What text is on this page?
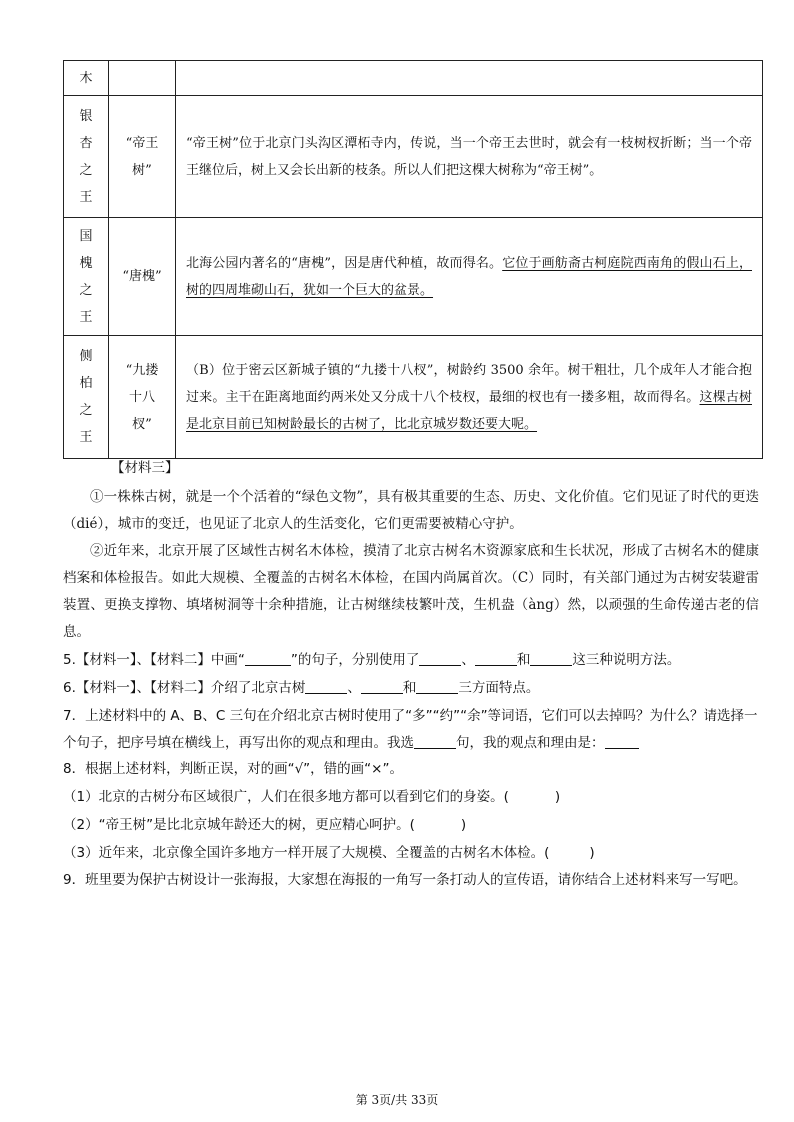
木		

银杏之王	“帝王树”	“帝王树”位于北京门头沟区潭柘寺内，传说，当一个帝王去世时，就会有一枝树杈折断；当一个帝王继位后，树上又会长出新的枝条。所以人们把这棵大树称为“帝王树”。

国槐之王	“唐槐”	北海公园内著名的“唐槐”，因是唐代种植，故而得名。它位于画舫斋古柯庭院西南角的假山石上，树的四周堆砌山石，犹如一个巨大的盆景。

侧柏之王	“九搂十八杈”	（B）位于密云区新城子镇的“九搂十八杈”，树龄约 3500 余年。树干粗壮，几个成年人才能合抱过来。主干在距离地面约两米处又分成十八个枝杈，最细的杈也有一搂多粗，故而得名。这棵古树是北京目前已知树龄最长的古树了，比北京城岁数还要大呢。
【材料三】
①一株株古树，就是一个个活着的“绿色文物”，具有极其重要的生态、历史、文化价值。它们见证了时代的更迭（dié），城市的变迁，也见证了北京人的生活变化，它们更需要被精心守护。
②近年来，北京开展了区域性古树名木体检，摸清了北京古树名木资源家底和生长状况，形成了古树名木的健康档案和体检报告。如此大规模、全覆盖的古树名木体检，在国内尚属首次。（C）同时，有关部门通过为古树安装避雷装置、更换支撑物、填堵树洞等十余种措施，让古树继续枝繁叶茂，生机盎（àng）然，以顽强的生命传递古老的信息。
5.【材料一】、【材料二】中画“	”的句子，分别使用了	、	和	这三种说明方法。
6.【材料一】、【材料二】介绍了北京古树	、	和	三方面特点。
7．上述材料中的 A、B、C 三句在介绍北京古树时使用了“多”“约”“余”等词语，它们可以去掉吗？为什么？请选择一个句子，把序号填在横线上，再写出你的观点和理由。我选	句，我的观点和理由是：
8．根据上述材料，判断正误，对的画“√”，错的画“×”。
（1）北京的古树分布区域很广，人们在很多地方都可以看到它们的身姿。(	)
（2）“帝王树”是比北京城年龄还大的树，更应精心呵护。(	)
（3）近年来，北京像全国许多地方一样开展了大规模、全覆盖的古树名木体检。(	)
9．班里要为保护古树设计一张海报，大家想在海报的一角写一条打动人的宣传语，请你结合上述材料来写一写吧。
第 3页/共 33页
